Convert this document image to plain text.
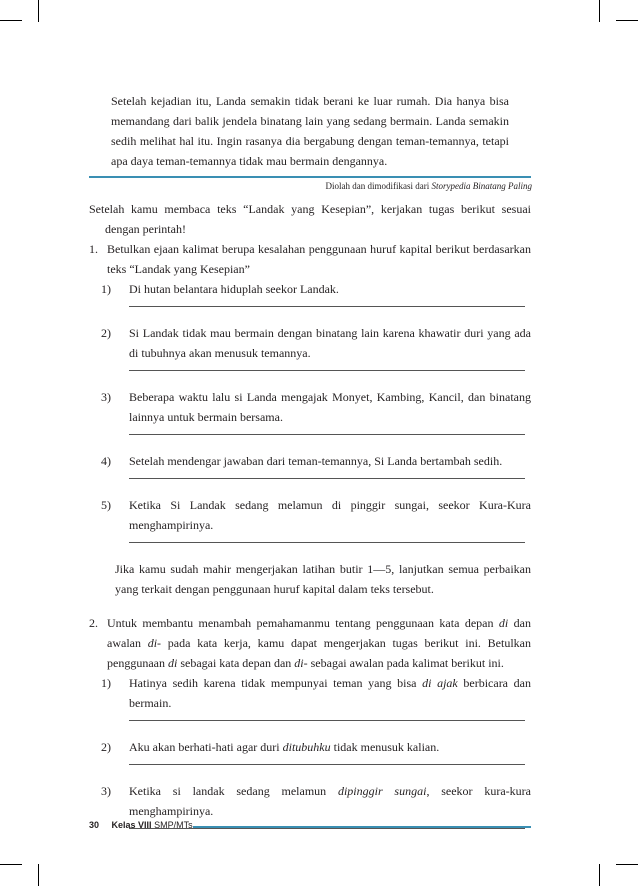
Setelah kejadian itu, Landa semakin tidak berani ke luar rumah. Dia hanya bisa memandang dari balik jendela binatang lain yang sedang bermain. Landa semakin sedih melihat hal itu. Ingin rasanya dia bergabung dengan teman-temannya, tetapi apa daya teman-temannya tidak mau bermain dengannya.

Diolah dan dimodifikasi dari Storypedia Binatang Paling

Setelah kamu membaca teks “Landak yang Kesepian”, kerjakan tugas berikut sesuai dengan perintah!

1. Betulkan ejaan kalimat berupa kesalahan penggunaan huruf kapital berikut berdasarkan teks “Landak yang Kesepian”
1) Di hutan belantara hiduplah seekor Landak.
2) Si Landak tidak mau bermain dengan binatang lain karena khawatir duri yang ada di tubuhnya akan menusuk temannya.
3) Beberapa waktu lalu si Landa mengajak Monyet, Kambing, Kancil, dan binatang lainnya untuk bermain bersama.
4) Setelah mendengar jawaban dari teman-temannya, Si Landa bertambah sedih.
5) Ketika Si Landak sedang melamun di pinggir sungai, seekor Kura-Kura menghampirinya.

Jika kamu sudah mahir mengerjakan latihan butir 1—5, lanjutkan semua perbaikan yang terkait dengan penggunaan huruf kapital dalam teks tersebut.

2. Untuk membantu menambah pemahamanmu tentang penggunaan kata depan di dan awalan di- pada kata kerja, kamu dapat mengerjakan tugas berikut ini. Betulkan penggunaan di sebagai kata depan dan di- sebagai awalan pada kalimat berikut ini.
1) Hatinya sedih karena tidak mempunyai teman yang bisa di ajak berbicara dan bermain.
2) Aku akan berhati-hati agar duri ditubuhku tidak menusuk kalian.
3) Ketika si landak sedang melamun dipinggir sungai, seekor kura-kura menghampirinya.
30 Kelas VIII SMP/MTs
